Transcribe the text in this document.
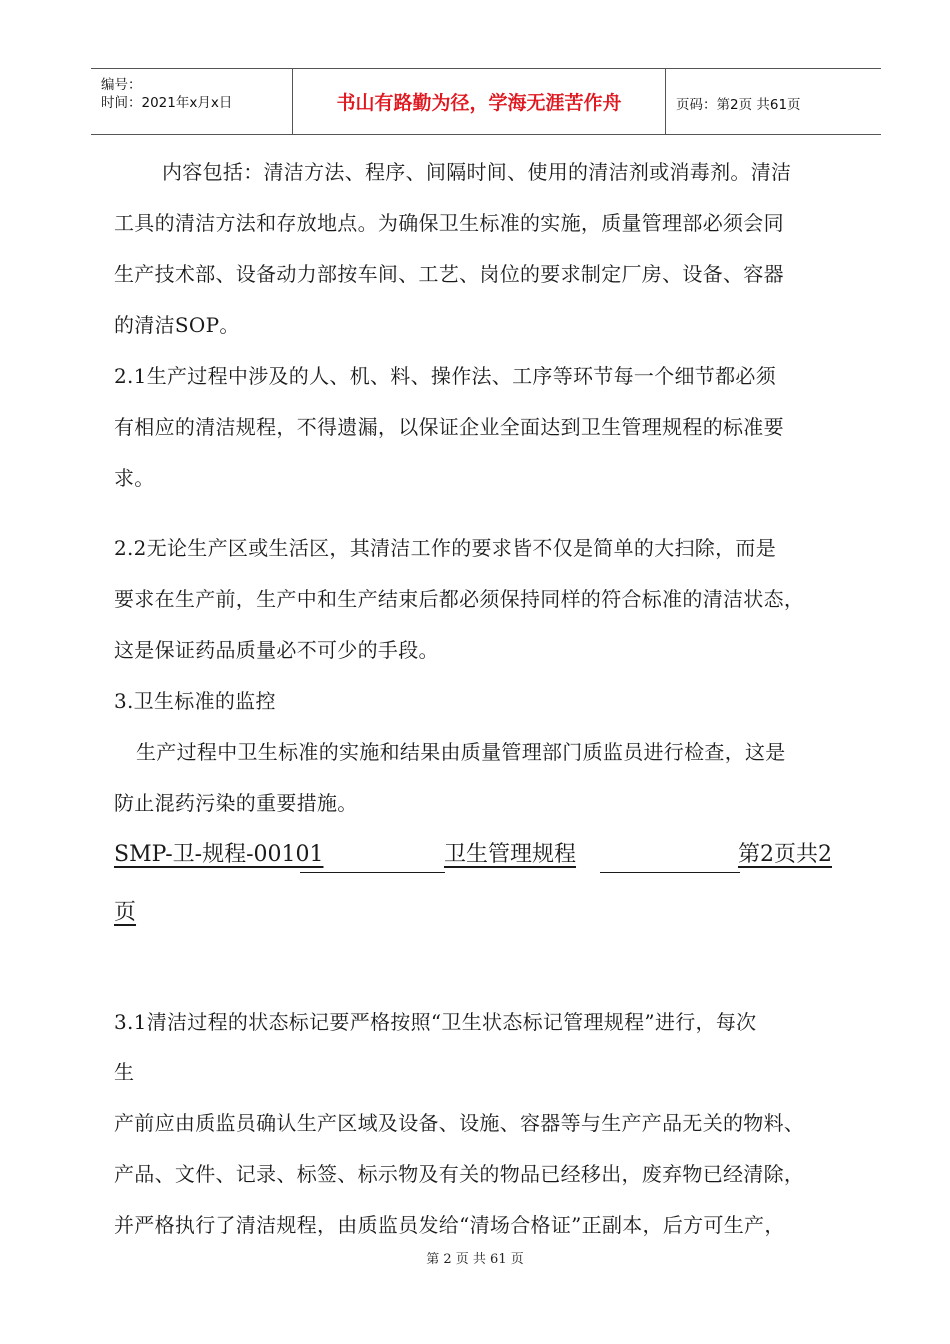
编号：
时间：2021年x月x日	书山有路勤为径，学海无涯苦作舟	页码：第2页 共61页
内容包括：清洁方法、程序、间隔时间、使用的清洁剂或消毒剂。清洁
工具的清洁方法和存放地点。为确保卫生标准的实施，质量管理部必须会同
生产技术部、设备动力部按车间、工艺、岗位的要求制定厂房、设备、容器
的清洁SOP。
2.1生产过程中涉及的人、机、料、操作法、工序等环节每一个细节都必须
有相应的清洁规程，不得遗漏，以保证企业全面达到卫生管理规程的标准要
求。
2.2无论生产区或生活区，其清洁工作的要求皆不仅是简单的大扫除，而是
要求在生产前，生产中和生产结束后都必须保持同样的符合标准的清洁状态，
这是保证药品质量必不可少的手段。
3.卫生标准的监控
生产过程中卫生标准的实施和结果由质量管理部门质监员进行检查，这是
防止混药污染的重要措施。
SMP-卫-规程-00101	卫生管理规程	第2页共2
页
3.1清洁过程的状态标记要严格按照“卫生状态标记管理规程”进行，每次
生
产前应由质监员确认生产区域及设备、设施、容器等与生产产品无关的物料、
产品、文件、记录、标签、标示物及有关的物品已经移出，废弃物已经清除，
并严格执行了清洁规程，由质监员发给“清场合格证”正副本，后方可生产，
第 2 页 共 61 页
